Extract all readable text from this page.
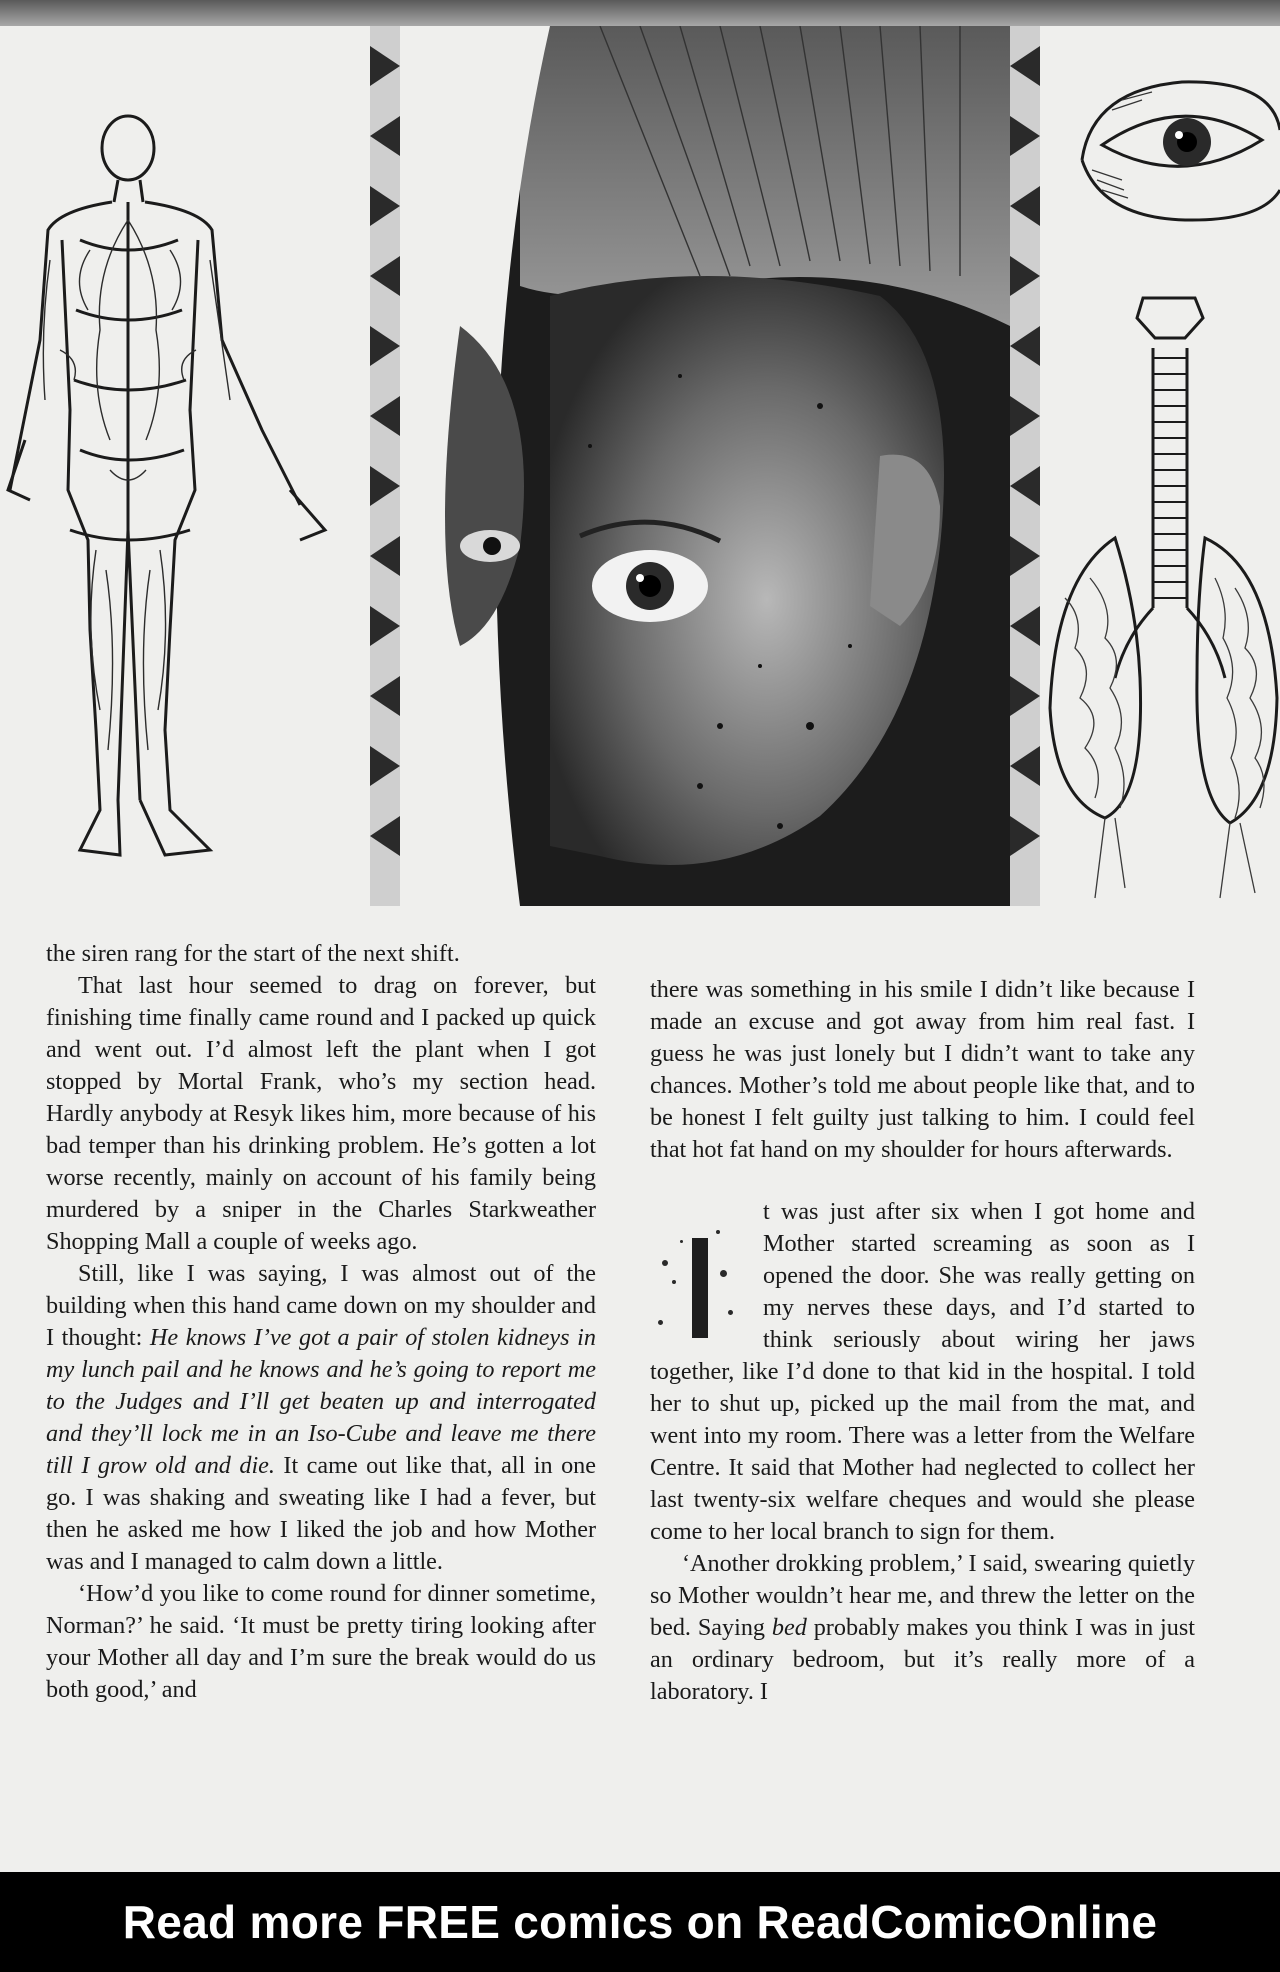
the siren rang for the start of the next shift.

That last hour seemed to drag on forever, but finishing time finally came round and I packed up quick and went out. I’d almost left the plant when I got stopped by Mortal Frank, who’s my section head. Hardly anybody at Resyk likes him, more because of his bad temper than his drinking problem. He’s gotten a lot worse recently, mainly on account of his family being murdered by a sniper in the Charles Starkweather Shopping Mall a couple of weeks ago.

Still, like I was saying, I was almost out of the building when this hand came down on my shoulder and I thought: He knows I’ve got a pair of stolen kidneys in my lunch pail and he knows and he’s going to report me to the Judges and I’ll get beaten up and interrogated and they’ll lock me in an Iso-Cube and leave me there till I grow old and die. It came out like that, all in one go. I was shaking and sweating like I had a fever, but then he asked me how I liked the job and how Mother was and I managed to calm down a little.

‘How’d you like to come round for dinner sometime, Norman?’ he said. ‘It must be pretty tiring looking after your Mother all day and I’m sure the break would do us both good,’ and

there was something in his smile I didn’t like because I made an excuse and got away from him real fast. I guess he was just lonely but I didn’t want to take any chances. Mother’s told me about people like that, and to be honest I felt guilty just talking to him. I could feel that hot fat hand on my shoulder for hours afterwards.

t was just after six when I got home and Mother started screaming as soon as I opened the door. She was really getting on my nerves these days, and I’d started to think seriously about wiring her jaws together, like I’d done to that kid in the hospital. I told her to shut up, picked up the mail from the mat, and went into my room. There was a letter from the Welfare Centre. It said that Mother had neglected to collect her last twenty-six welfare cheques and would she please come to her local branch to sign for them.

‘Another drokking problem,’ I said, swearing quietly so Mother wouldn’t hear me, and threw the letter on the bed. Saying bed probably makes you think I was in just an ordinary bedroom, but it’s really more of a laboratory. I

Read more FREE comics on ReadComicOnline
